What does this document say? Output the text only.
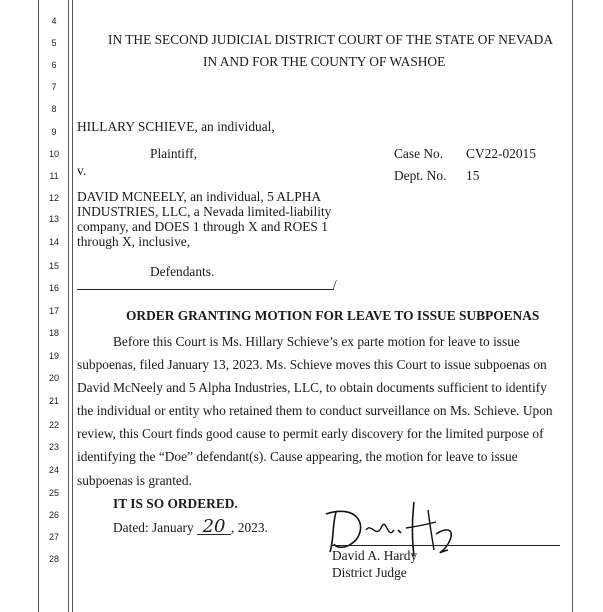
4
5
6
7
8
9
10
11
12
13
14
15
16
17
18
19
20
21
22
23
24
25
26
27
28
IN THE SECOND JUDICIAL DISTRICT COURT OF THE STATE OF NEVADA
IN AND FOR THE COUNTY OF WASHOE
HILLARY SCHIEVE, an individual,
Plaintiff,
v.
DAVID MCNEELY, an individual, 5 ALPHA
INDUSTRIES, LLC, a Nevada limited-liability
company, and DOES 1 through X and ROES 1
through X, inclusive,
Defendants.
/
Case No. CV22-02015
Dept. No. 15
ORDER GRANTING MOTION FOR LEAVE TO ISSUE SUBPOENAS
Before this Court is Ms. Hillary Schieve’s ex parte motion for leave to issue
subpoenas, filed January 13, 2023. Ms. Schieve moves this Court to issue subpoenas on
David McNeely and 5 Alpha Industries, LLC, to obtain documents sufficient to identify
the individual or entity who retained them to conduct surveillance on Ms. Schieve. Upon
review, this Court finds good cause to permit early discovery for the limited purpose of
identifying the “Doe” defendant(s). Cause appearing, the motion for leave to issue
subpoenas is granted.
IT IS SO ORDERED.
Dated: January 20 , 2023.
David A. Hardy
District Judge
